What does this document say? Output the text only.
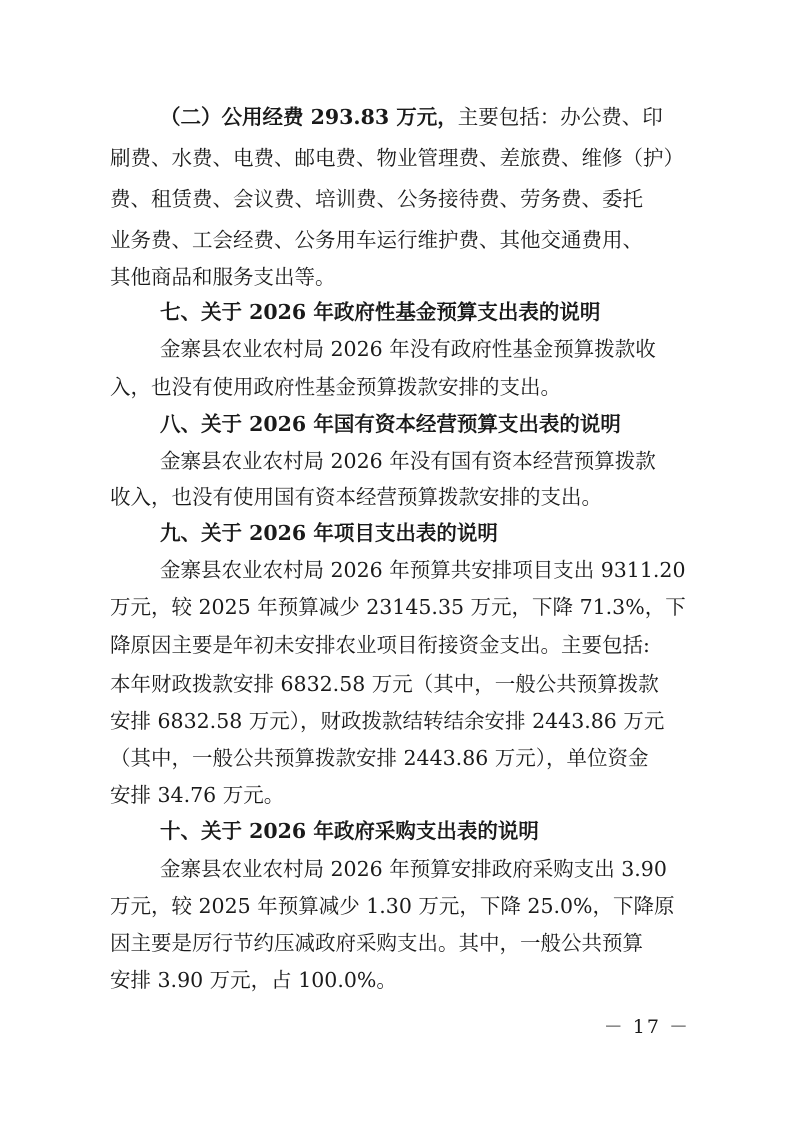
（二）公用经费 293.83 万元，主要包括：办公费、印
刷费、水费、电费、邮电费、物业管理费、差旅费、维修（护）
费、租赁费、会议费、培训费、公务接待费、劳务费、委托
业务费、工会经费、公务用车运行维护费、其他交通费用、
其他商品和服务支出等。
七、关于 2026 年政府性基金预算支出表的说明
金寨县农业农村局 2026 年没有政府性基金预算拨款收
入，也没有使用政府性基金预算拨款安排的支出。
八、关于 2026 年国有资本经营预算支出表的说明
金寨县农业农村局 2026 年没有国有资本经营预算拨款
收入，也没有使用国有资本经营预算拨款安排的支出。
九、关于 2026 年项目支出表的说明
金寨县农业农村局 2026 年预算共安排项目支出 9311.20
万元，较 2025 年预算减少 23145.35 万元，下降 71.3%，下
降原因主要是年初未安排农业项目衔接资金支出。主要包括:
本年财政拨款安排 6832.58 万元（其中，一般公共预算拨款
安排 6832.58 万元），财政拨款结转结余安排 2443.86 万元
（其中，一般公共预算拨款安排 2443.86 万元），单位资金
安排 34.76 万元。
十、关于 2026 年政府采购支出表的说明
金寨县农业农村局 2026 年预算安排政府采购支出 3.90
万元，较 2025 年预算减少 1.30 万元，下降 25.0%，下降原
因主要是厉行节约压减政府采购支出。其中，一般公共预算
安排 3.90 万元，占 100.0%。
－ 17 －
